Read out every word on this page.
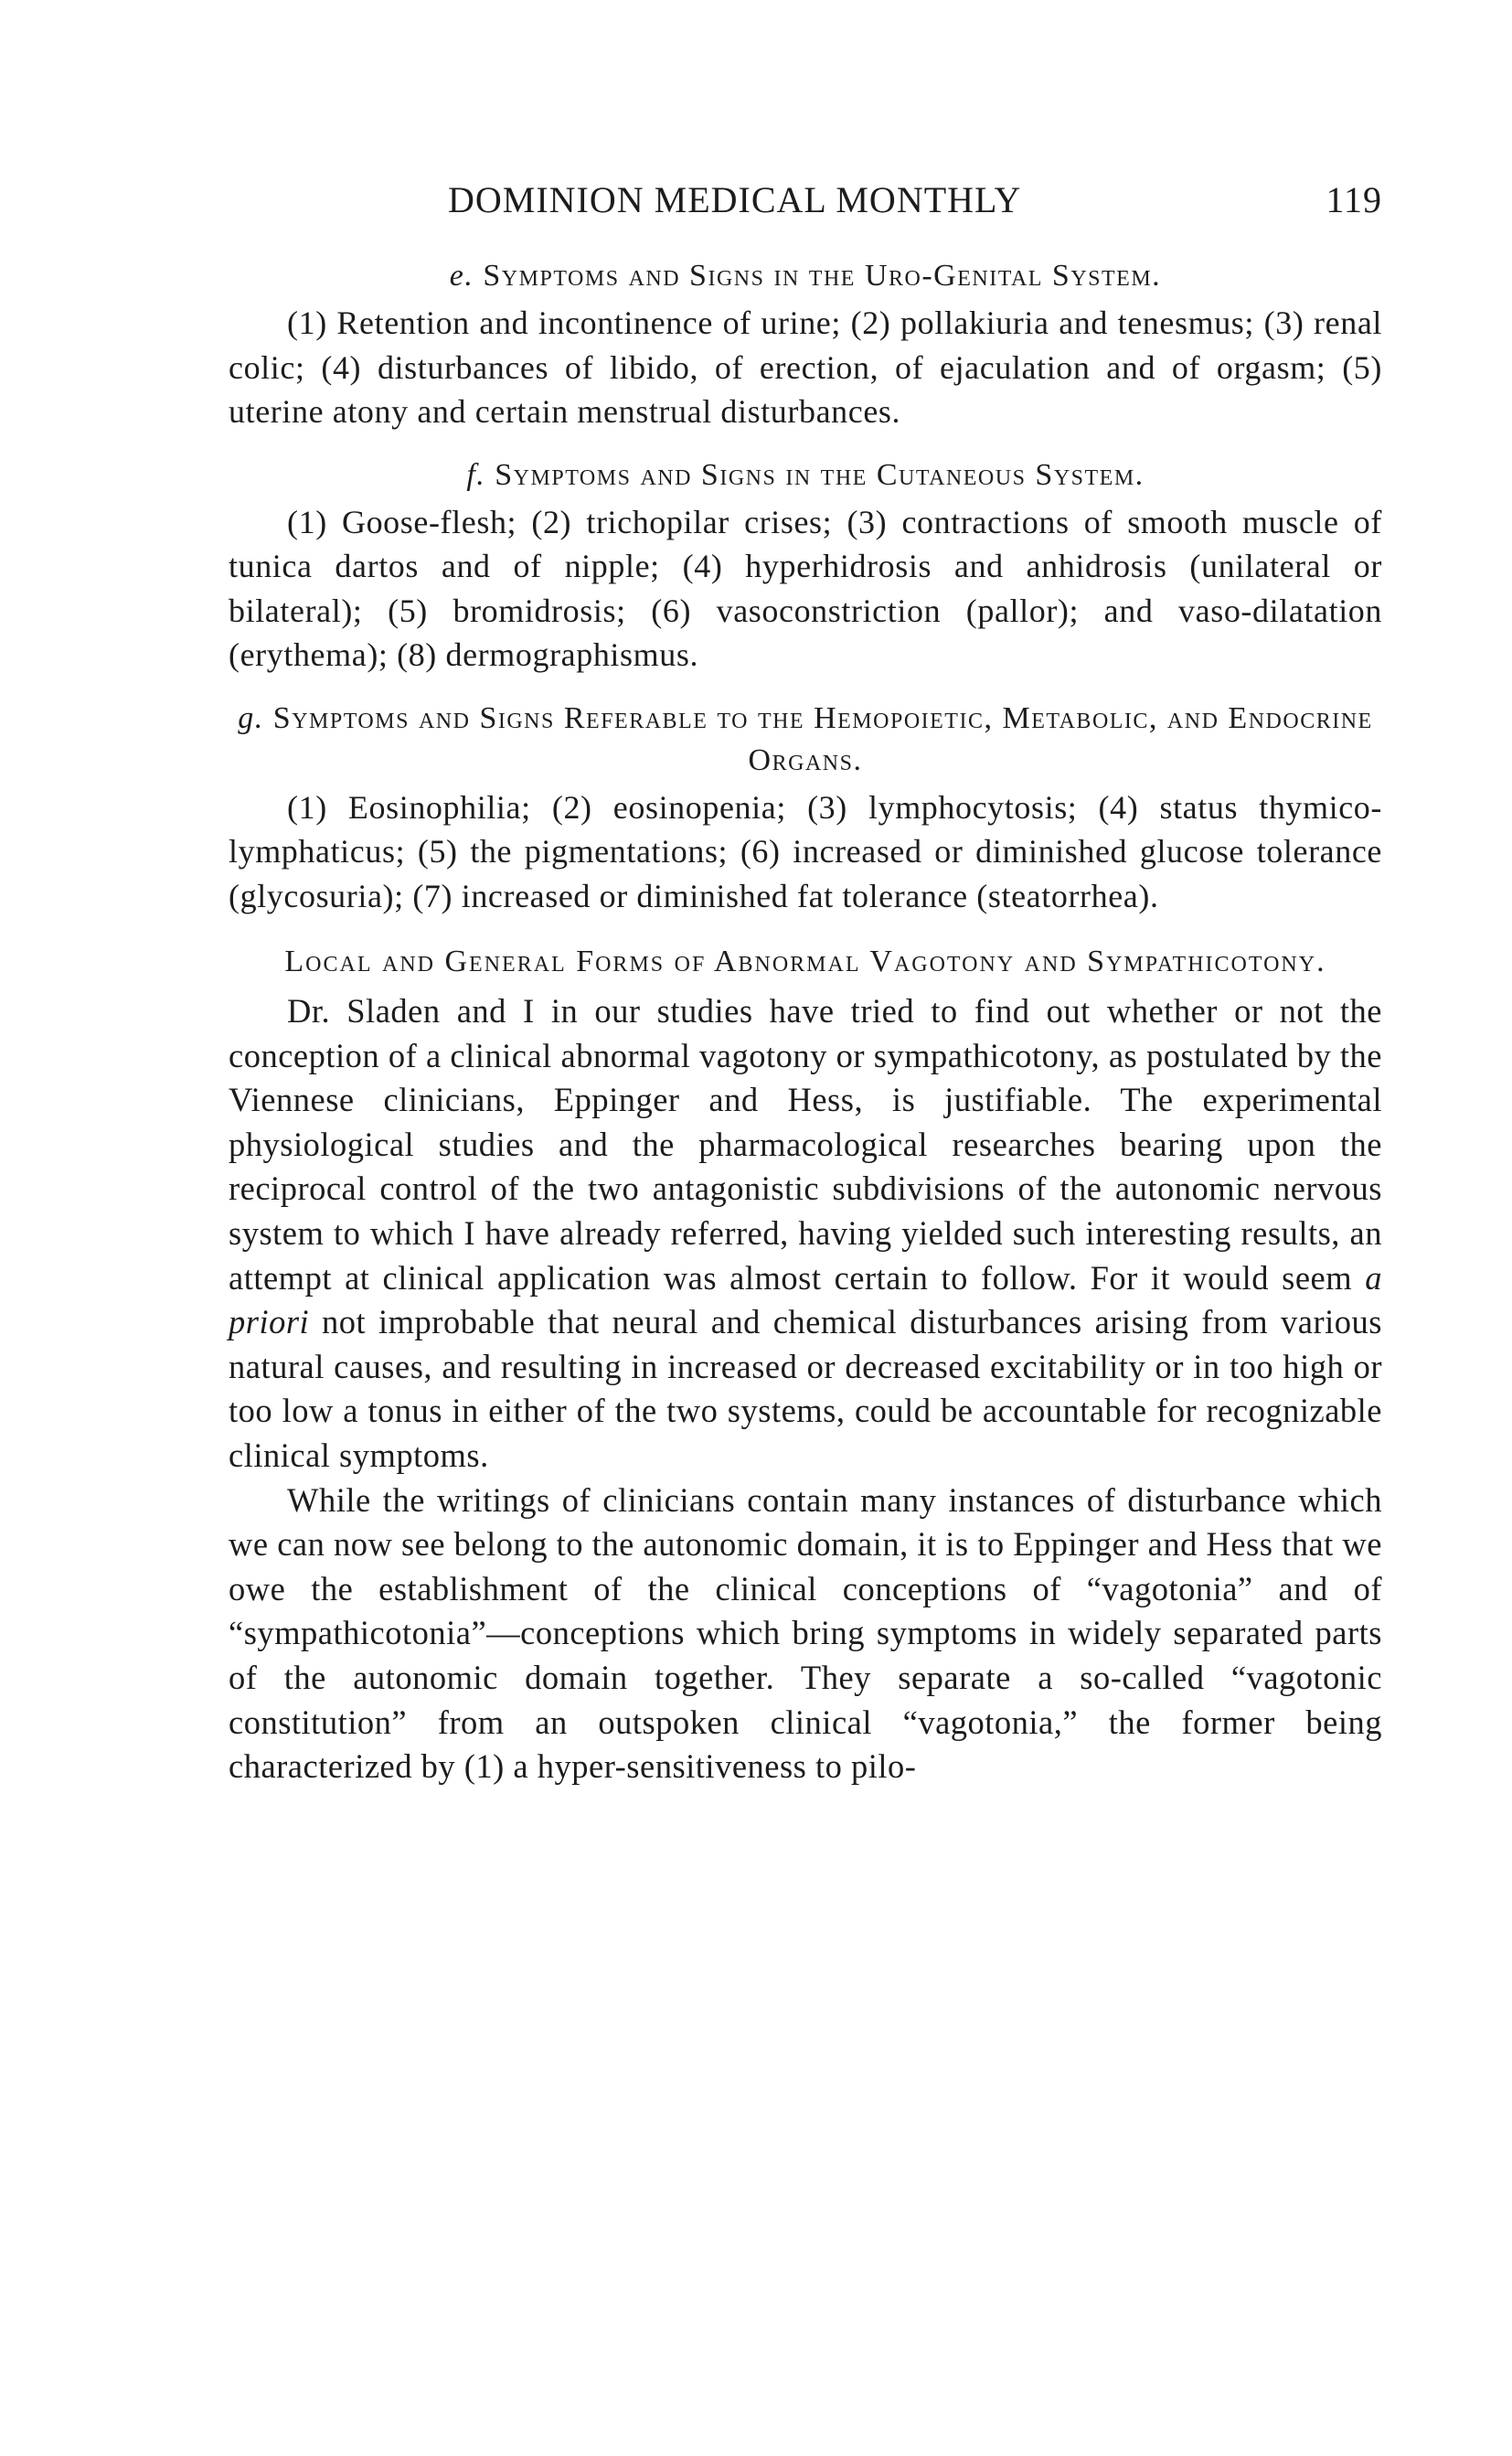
DOMINION MEDICAL MONTHLY	119
e. Symptoms and Signs in the Uro-Genital System.

(1) Retention and incontinence of urine; (2) pollakiuria and tenesmus; (3) renal colic; (4) disturbances of libido, of erection, of ejaculation and of orgasm; (5) uterine atony and certain menstrual disturbances.

f. Symptoms and Signs in the Cutaneous System.

(1) Goose-flesh; (2) trichopilar crises; (3) contractions of smooth muscle of tunica dartos and of nipple; (4) hyperhidrosis and anhidrosis (unilateral or bilateral); (5) bromidrosis; (6) vasoconstriction (pallor); and vaso-dilatation (erythema); (8) dermographismus.

g. Symptoms and Signs Referable to the Hemopoietic, Metabolic, and Endocrine Organs.

(1) Eosinophilia; (2) eosinopenia; (3) lymphocytosis; (4) status thymico-lymphaticus; (5) the pigmentations; (6) increased or diminished glucose tolerance (glycosuria); (7) increased or diminished fat tolerance (steatorrhea).

Local and General Forms of Abnormal Vagotony and Sympathicotony.

Dr. Sladen and I in our studies have tried to find out whether or not the conception of a clinical abnormal vagotony or sympathicotony, as postulated by the Viennese clinicians, Eppinger and Hess, is justifiable. The experimental physiological studies and the pharmacological researches bearing upon the reciprocal control of the two antagonistic subdivisions of the autonomic nervous system to which I have already referred, having yielded such interesting results, an attempt at clinical application was almost certain to follow. For it would seem a priori not improbable that neural and chemical disturbances arising from various natural causes, and resulting in increased or decreased excitability or in too high or too low a tonus in either of the two systems, could be accountable for recognizable clinical symptoms.

While the writings of clinicians contain many instances of disturbance which we can now see belong to the autonomic domain, it is to Eppinger and Hess that we owe the establishment of the clinical conceptions of “vagotonia” and of “sympathicotonia”—conceptions which bring symptoms in widely separated parts of the autonomic domain together. They separate a so-called “vagotonic constitution” from an outspoken clinical “vagotonia,” the former being characterized by (1) a hyper-sensitiveness to pilo-
